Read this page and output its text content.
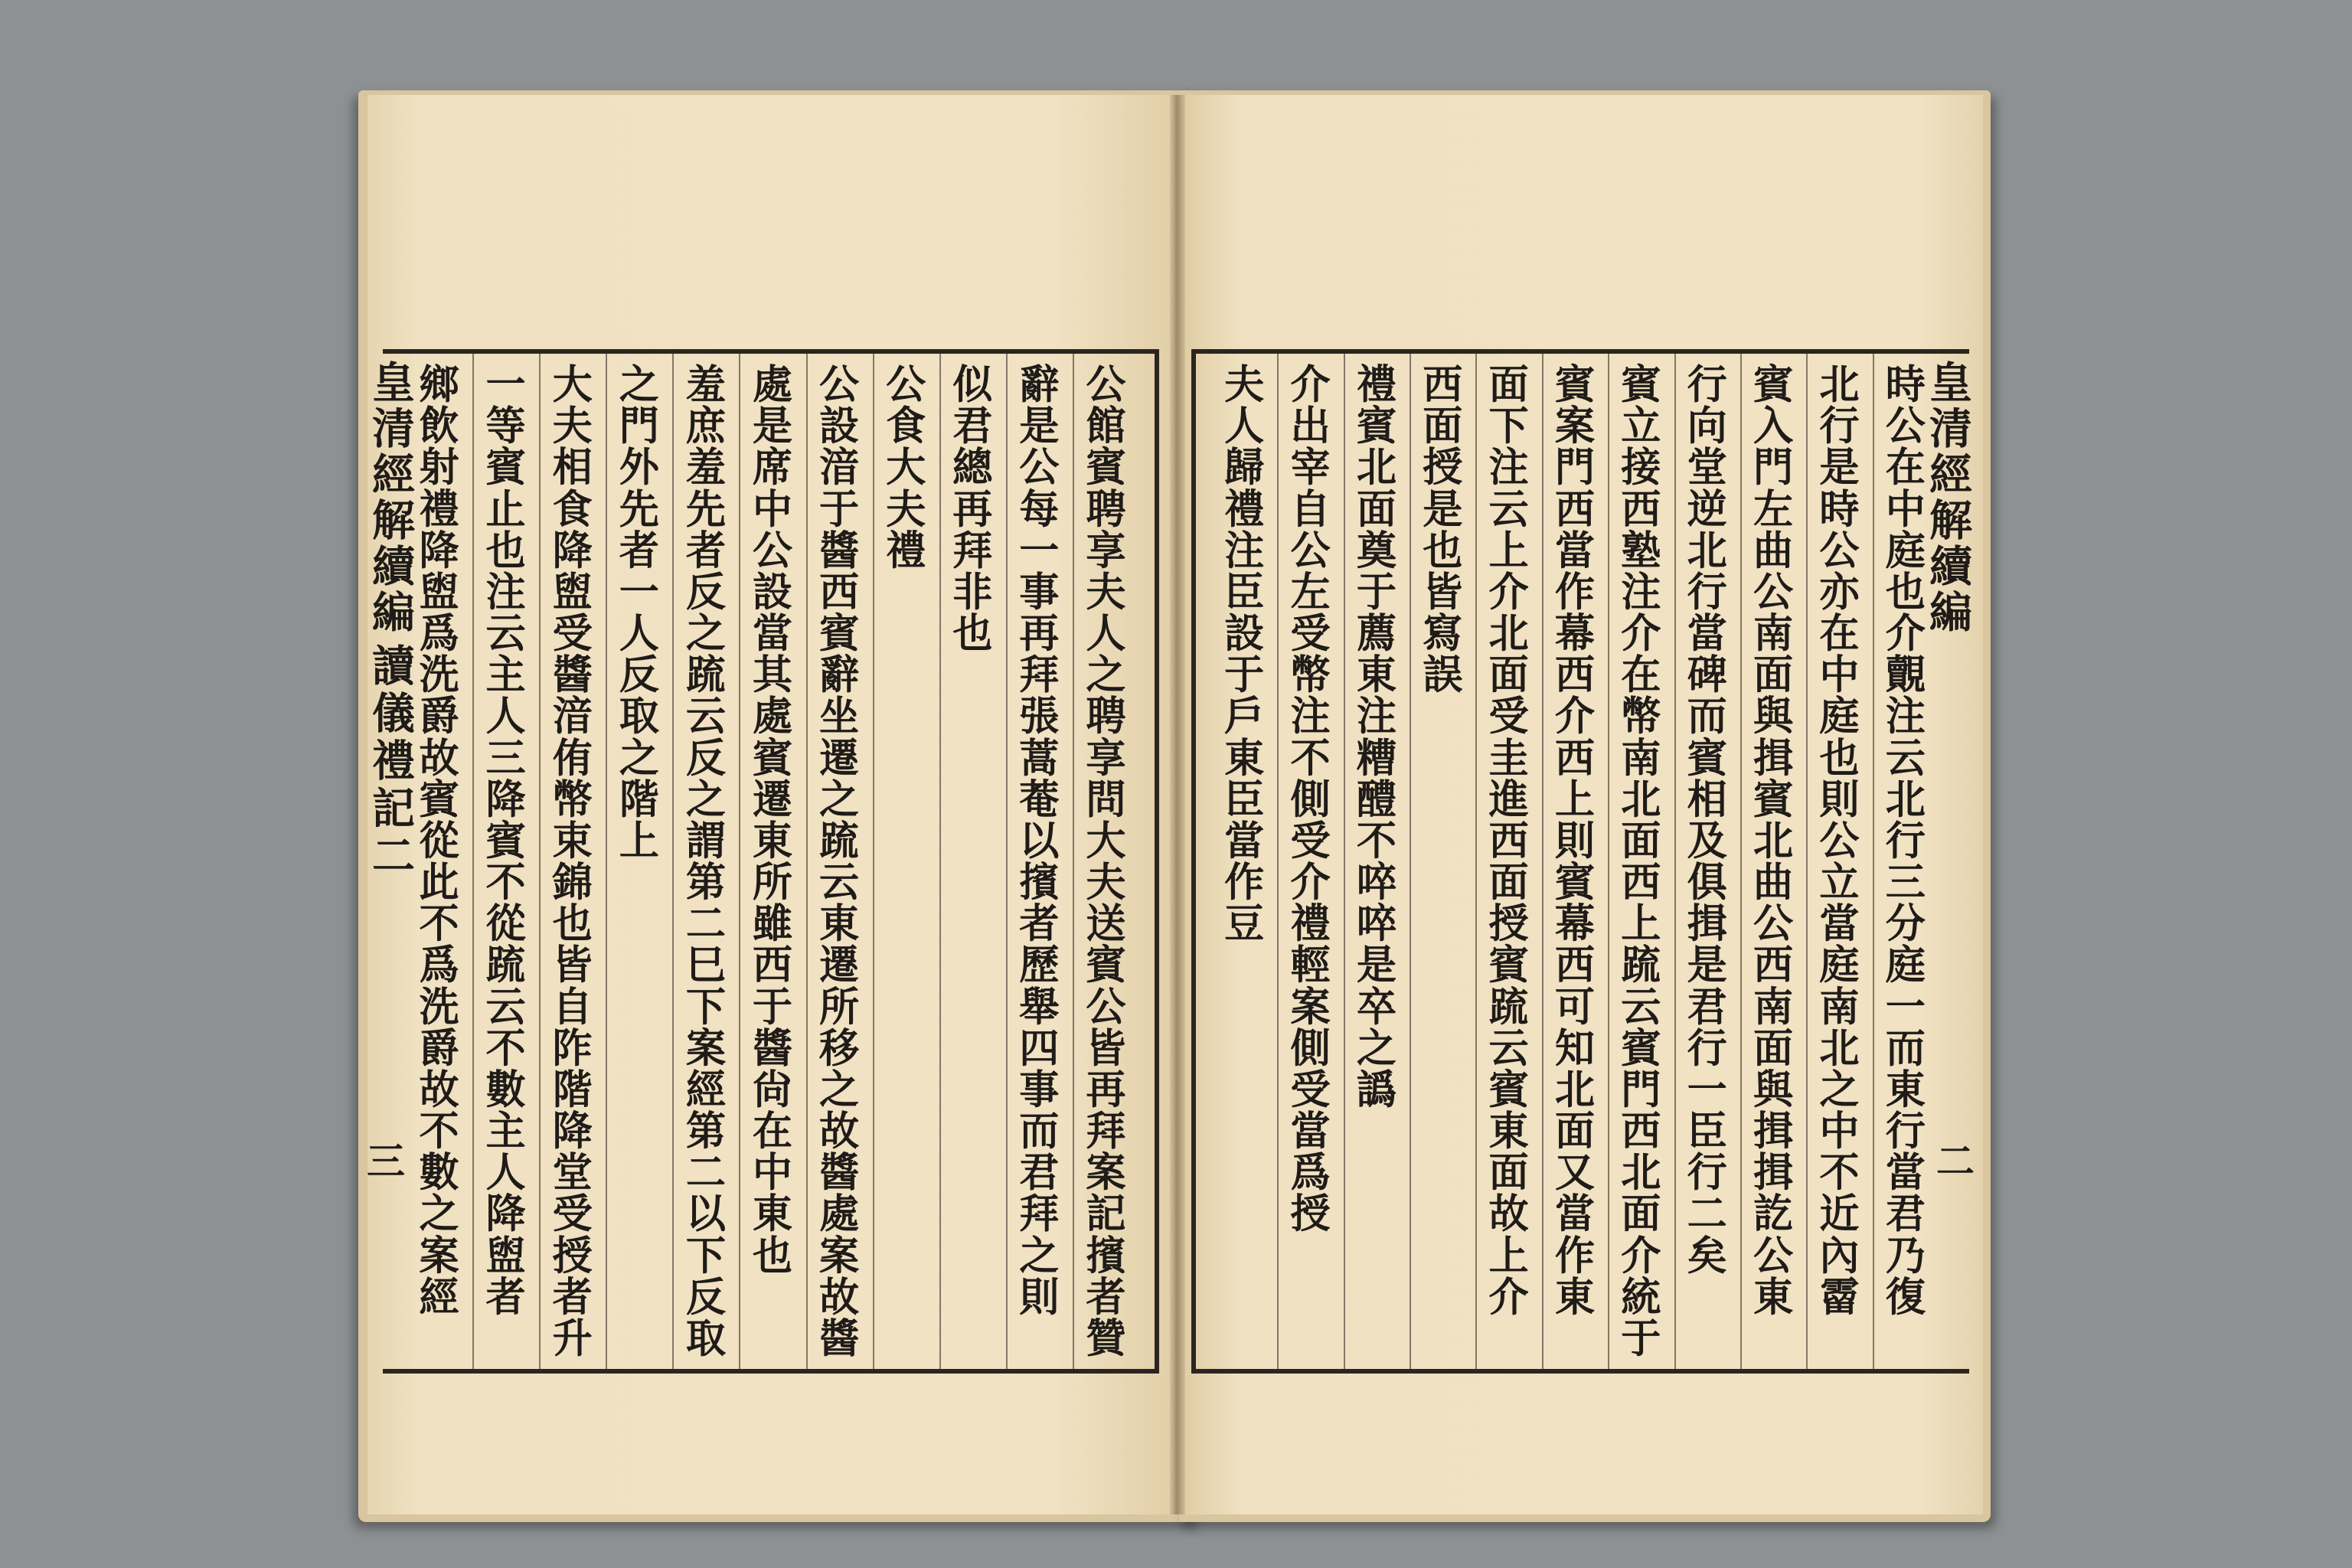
公
館
賓
聘
享
夫
人
之
聘
享
問
大
夫
送
賓
公
皆
再
拜
案
記
擯
者
贊
辭
是
公
每
一
事
再
拜
張
蒿
菴
以
擯
者
歷
舉
四
事
而
君
拜
之
則
似
君
總
再
拜
非
也
公
食
大
夫
禮
公
設
湆
于
醬
西
賓
辭
坐
遷
之
䟽
云
東
遷
所
移
之
故
醬
處
案
故
醬
處
是
席
中
公
設
當
其
處
賓
遷
東
所
雖
西
于
醬
尙
在
中
東
也
羞
庶
羞
先
者
反
之
䟽
云
反
之
謂
第
二
巳
下
案
經
第
二
以
下
反
取
之
門
外
先
者
一
人
反
取
之
階
上
大
夫
相
食
降
盥
受
醬
湆
侑
幣
束
錦
也
皆
自
阼
階
降
堂
受
授
者
升
一
等
賓
止
也
注
云
主
人
三
降
賓
不
從
䟽
云
不
數
主
人
降
盥
者
鄉
飲
射
禮
降
盥
爲
洗
爵
故
賓
從
此
不
爲
洗
爵
故
不
數
之
案
經
時
公
在
中
庭
也
介
覿
注
云
北
行
三
分
庭
一
而
東
行
當
君
乃
復
北
行
是
時
公
亦
在
中
庭
也
則
公
立
當
庭
南
北
之
中
不
近
內
霤
賓
入
門
左
曲
公
南
面
與
揖
賓
北
曲
公
西
南
面
與
揖
揖
訖
公
東
行
向
堂
逆
北
行
當
碑
而
賓
相
及
俱
揖
是
君
行
一
臣
行
二
矣
賓
立
接
西
塾
注
介
在
幣
南
北
面
西
上
䟽
云
賓
門
西
北
面
介
統
于
賓
案
門
西
當
作
幕
西
介
西
上
則
賓
幕
西
可
知
北
面
又
當
作
東
面
下
注
云
上
介
北
面
受
圭
進
西
面
授
賓
䟽
云
賓
東
面
故
上
介
西
面
授
是
也
皆
寫
誤
禮
賓
北
面
奠
于
薦
東
注
糟
醴
不
啐
啐
是
卒
之
譌
介
出
宰
自
公
左
受
幣
注
不
側
受
介
禮
輕
案
側
受
當
爲
授
夫
人
歸
禮
注
臣
設
于
戶
東
臣
當
作
豆
皇清經解續編
讀儀禮記二
三
皇清經解續編
二
